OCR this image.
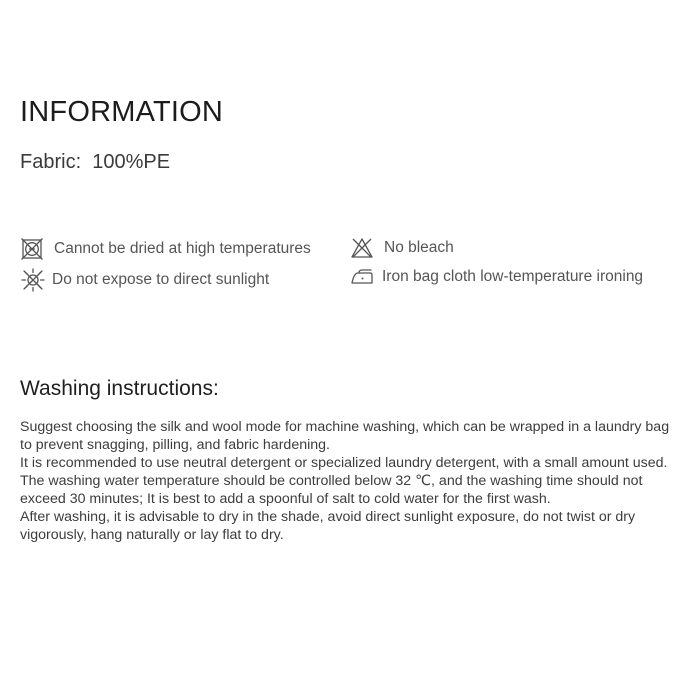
INFORMATION
Fabric: 100%PE
Cannot be dried at high temperatures	No bleach
Do not expose to direct sunlight	Iron bag cloth low-temperature ironing
Washing instructions:

Suggest choosing the silk and wool mode for machine washing, which can be wrapped in a laundry bag to prevent snagging, pilling, and fabric hardening.

It is recommended to use neutral detergent or specialized laundry detergent, with a small amount used. The washing water temperature should be controlled below 32 ℃, and the washing time should not exceed 30 minutes; It is best to add a spoonful of salt to cold water for the first wash.

After washing, it is advisable to dry in the shade, avoid direct sunlight exposure, do not twist or dry vigorously, hang naturally or lay flat to dry.
